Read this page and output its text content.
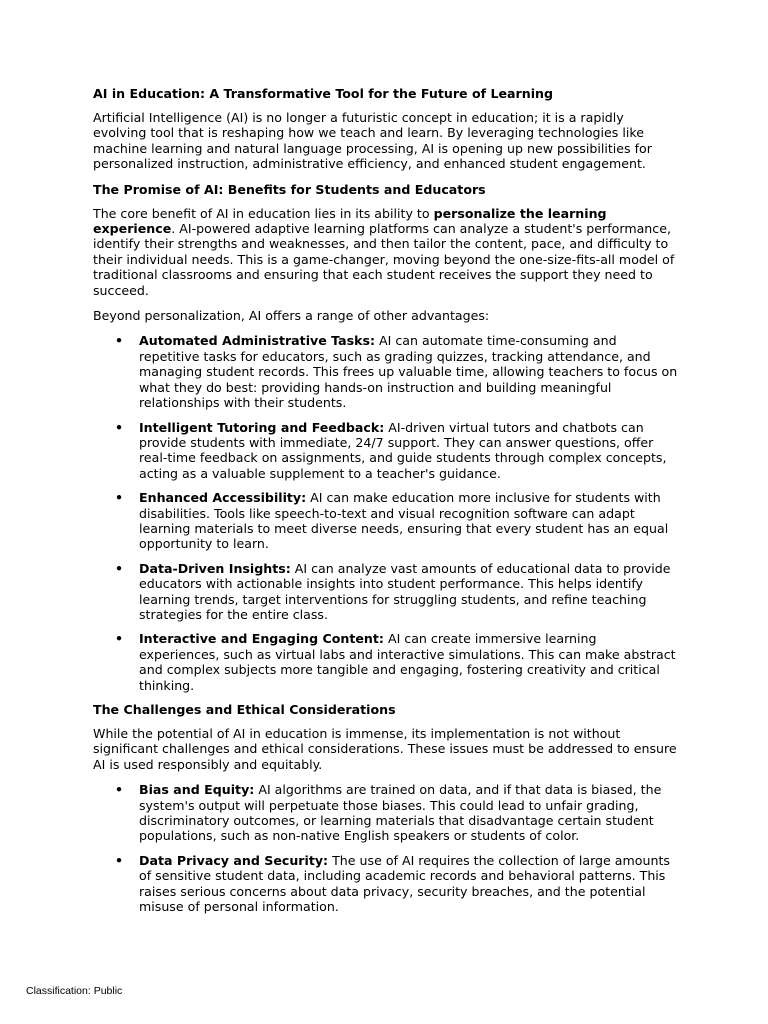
AI in Education: A Transformative Tool for the Future of Learning

Artificial Intelligence (AI) is no longer a futuristic concept in education; it is a rapidly evolving tool that is reshaping how we teach and learn. By leveraging technologies like machine learning and natural language processing, AI is opening up new possibilities for personalized instruction, administrative efficiency, and enhanced student engagement.

The Promise of AI: Benefits for Students and Educators

The core benefit of AI in education lies in its ability to personalize the learning experience. AI-powered adaptive learning platforms can analyze a student's performance, identify their strengths and weaknesses, and then tailor the content, pace, and difficulty to their individual needs. This is a game-changer, moving beyond the one-size-fits-all model of traditional classrooms and ensuring that each student receives the support they need to succeed.

Beyond personalization, AI offers a range of other advantages:

• Automated Administrative Tasks: AI can automate time-consuming and repetitive tasks for educators, such as grading quizzes, tracking attendance, and managing student records. This frees up valuable time, allowing teachers to focus on what they do best: providing hands-on instruction and building meaningful relationships with their students.
• Intelligent Tutoring and Feedback: AI-driven virtual tutors and chatbots can provide students with immediate, 24/7 support. They can answer questions, offer real-time feedback on assignments, and guide students through complex concepts, acting as a valuable supplement to a teacher's guidance.
• Enhanced Accessibility: AI can make education more inclusive for students with disabilities. Tools like speech-to-text and visual recognition software can adapt learning materials to meet diverse needs, ensuring that every student has an equal opportunity to learn.
• Data-Driven Insights: AI can analyze vast amounts of educational data to provide educators with actionable insights into student performance. This helps identify learning trends, target interventions for struggling students, and refine teaching strategies for the entire class.
• Interactive and Engaging Content: AI can create immersive learning experiences, such as virtual labs and interactive simulations. This can make abstract and complex subjects more tangible and engaging, fostering creativity and critical thinking.
The Challenges and Ethical Considerations

While the potential of AI in education is immense, its implementation is not without significant challenges and ethical considerations. These issues must be addressed to ensure AI is used responsibly and equitably.

• Bias and Equity: AI algorithms are trained on data, and if that data is biased, the system's output will perpetuate those biases. This could lead to unfair grading, discriminatory outcomes, or learning materials that disadvantage certain student populations, such as non-native English speakers or students of color.
• Data Privacy and Security: The use of AI requires the collection of large amounts of sensitive student data, including academic records and behavioral patterns. This raises serious concerns about data privacy, security breaches, and the potential misuse of personal information.
Classification: Public
